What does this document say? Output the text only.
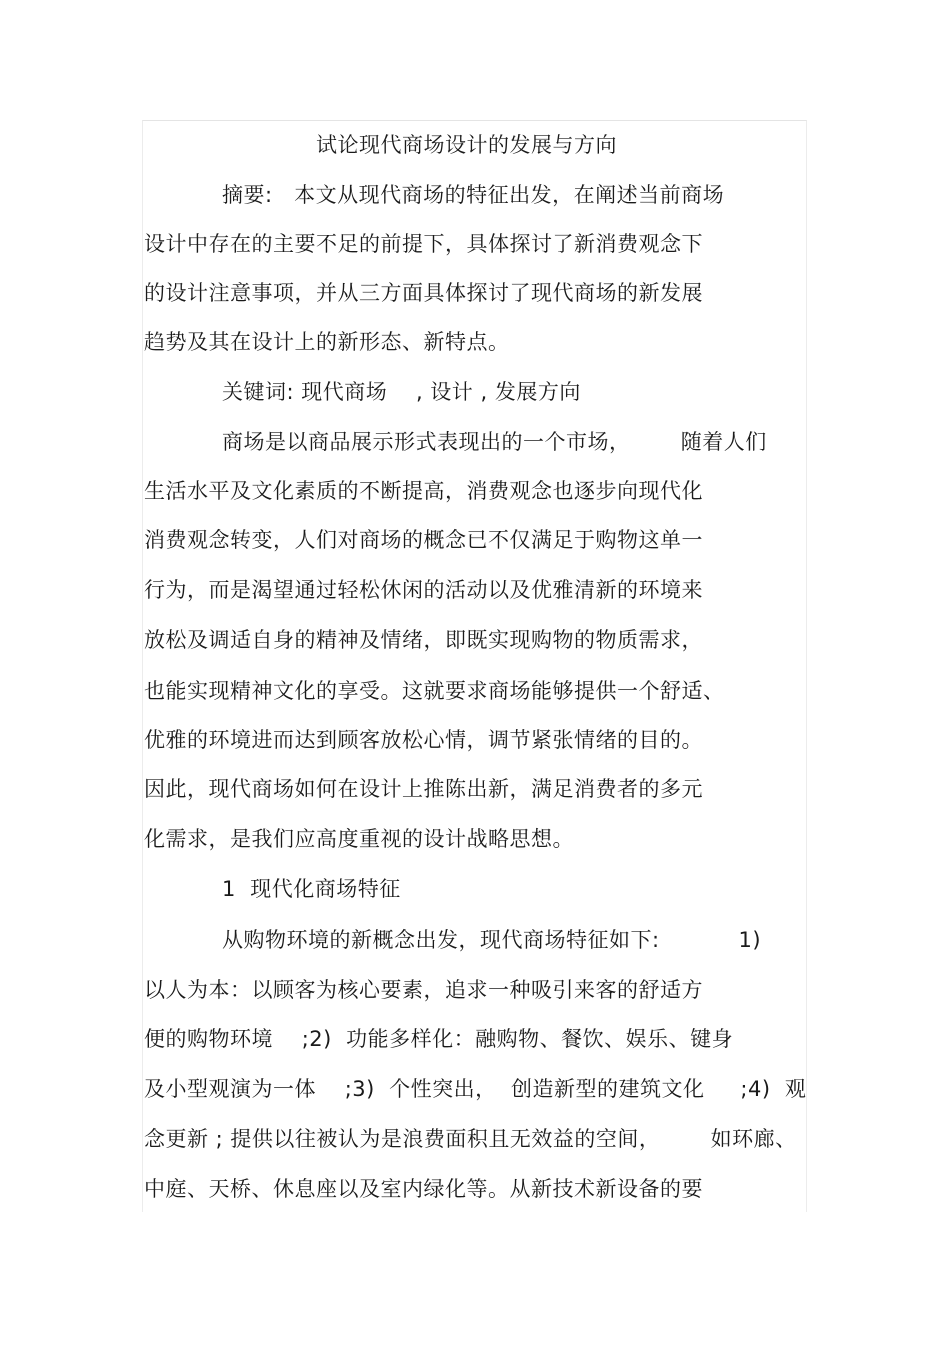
试论现代商场设计的发展与方向
摘要:   本文从现代商场的特征出发，在阐述当前商场
设计中存在的主要不足的前提下，具体探讨了新消费观念下
的设计注意事项，并从三方面具体探讨了现代商场的新发展
趋势及其在设计上的新形态、新特点。
关键词: 现代商场    , 设计 , 发展方向
商场是以商品展示形式表现出的一个市场，       随着人们
生活水平及文化素质的不断提高，消费观念也逐步向现代化
消费观念转变，人们对商场的概念已不仅满足于购物这单一
行为，而是渴望通过轻松休闲的活动以及优雅清新的环境来
放松及调适自身的精神及情绪，即既实现购物的物质需求，
也能实现精神文化的享受。这就要求商场能够提供一个舒适、
优雅的环境进而达到顾客放松心情，调节紧张情绪的目的。
因此，现代商场如何在设计上推陈出新，满足消费者的多元
化需求，是我们应高度重视的设计战略思想。
1  现代化商场特征
从购物环境的新概念出发，现代商场特征如下:           1)
以人为本：以顾客为核心要素，追求一种吸引来客的舒适方
便的购物环境    ;2)  功能多样化：融购物、餐饮、娱乐、键身
及小型观演为一体    ;3)  个性突出，  创造新型的建筑文化     ;4)  观
念更新 ; 提供以往被认为是浪费面积且无效益的空间，       如环廊、
中庭、天桥、休息座以及室内绿化等。从新技术新设备的要
